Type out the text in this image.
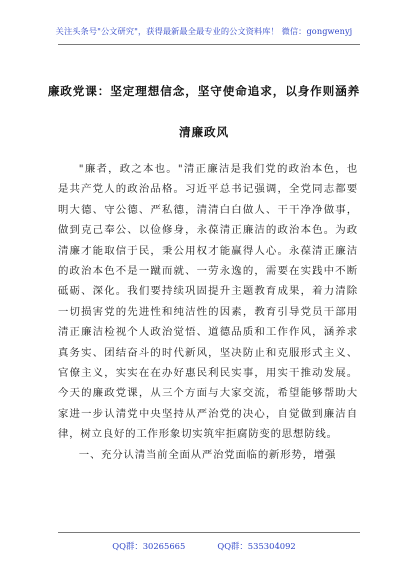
关注头条号"公文研究"，获得最新最全最专业的公文资料库！ 微信：gongwenyj
廉政党课：坚定理想信念，坚守使命追求，以身作则涵养
清廉政风

"廉者，政之本也。"清正廉洁是我们党的政治本色，也是共产党人的政治品格。习近平总书记强调，全党同志都要明大德、守公德、严私德，清清白白做人、干干净净做事，做到克己奉公、以俭修身，永葆清正廉洁的政治本色。为政清廉才能取信于民，秉公用权才能赢得人心。永葆清正廉洁的政治本色不是一蹴而就、一劳永逸的，需要在实践中不断砥砺、深化。我们要持续巩固提升主题教育成果，着力清除一切损害党的先进性和纯洁性的因素，教育引导党员干部用清正廉洁检视个人政治觉悟、道德品质和工作作风，涵养求真务实、团结奋斗的时代新风，坚决防止和克服形式主义、官僚主义，实实在在办好惠民利民实事，用实干推动发展。今天的廉政党课，从三个方面与大家交流，希望能够帮助大家进一步认清党中央坚持从严治党的决心，自觉做到廉洁自律，树立良好的工作形象切实筑牢拒腐防变的思想防线。

一、充分认清当前全面从严治党面临的新形势，增强

QQ群：30265665	QQ群：535304092
